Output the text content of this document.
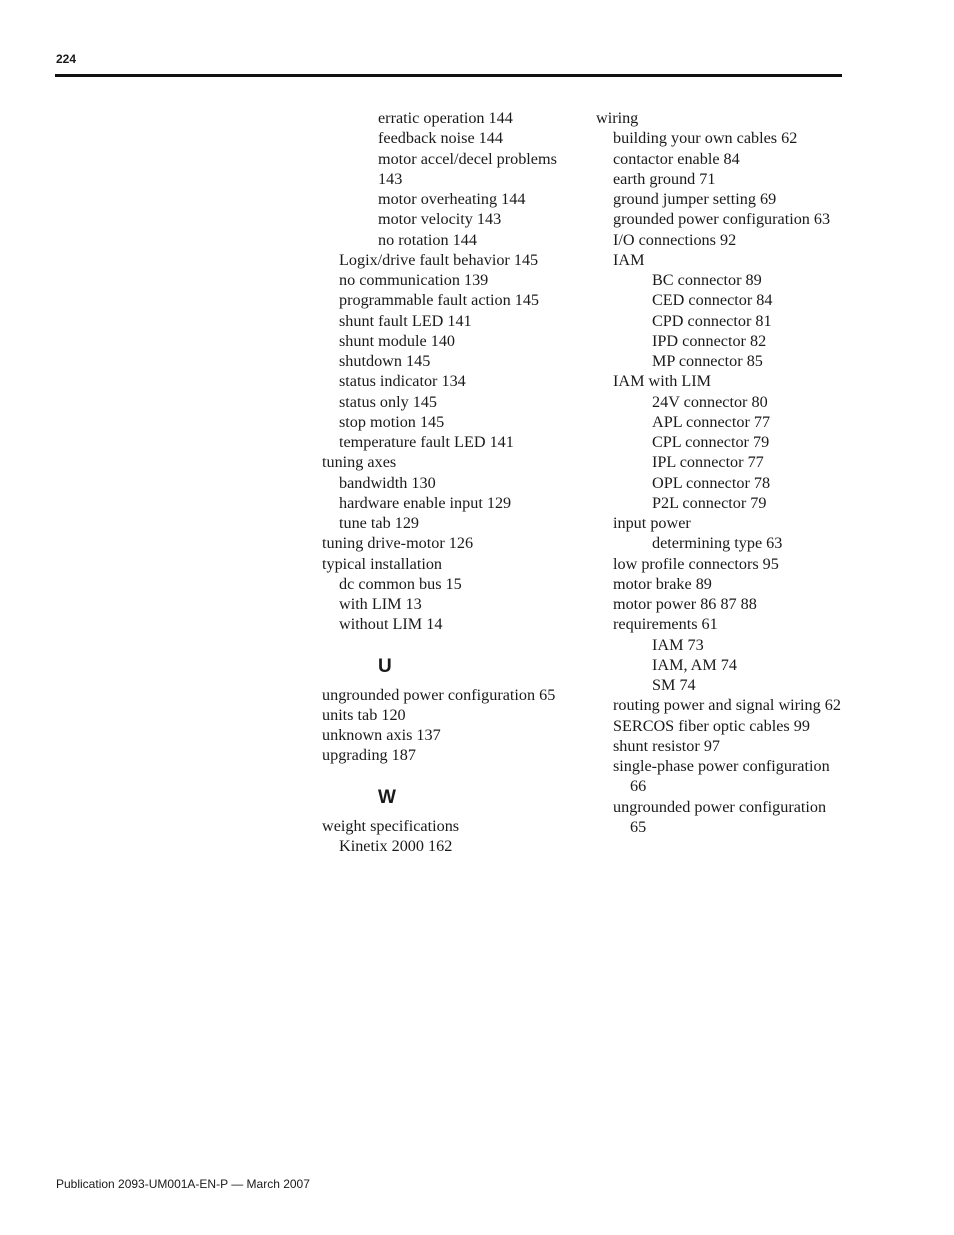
224
erratic operation 144
feedback noise 144
motor accel/decel problems
143
motor overheating 144
motor velocity 143
no rotation 144
Logix/drive fault behavior 145
no communication 139
programmable fault action 145
shunt fault LED 141
shunt module 140
shutdown 145
status indicator 134
status only 145
stop motion 145
temperature fault LED 141
tuning axes
bandwidth 130
hardware enable input 129
tune tab 129
tuning drive-motor 126
typical installation
dc common bus 15
with LIM 13
without LIM 14
U
ungrounded power configuration 65
units tab 120
unknown axis 137
upgrading 187
W
weight specifications
Kinetix 2000 162
wiring
building your own cables 62
contactor enable 84
earth ground 71
ground jumper setting 69
grounded power configuration 63
I/O connections 92
IAM
BC connector 89
CED connector 84
CPD connector 81
IPD connector 82
MP connector 85
IAM with LIM
24V connector 80
APL connector 77
CPL connector 79
IPL connector 77
OPL connector 78
P2L connector 79
input power
determining type 63
low profile connectors 95
motor brake 89
motor power 86 87 88
requirements 61
IAM 73
IAM, AM 74
SM 74
routing power and signal wiring 62
SERCOS fiber optic cables 99
shunt resistor 97
single-phase power configuration
66
ungrounded power configuration
65
Publication 2093-UM001A-EN-P — March 2007
